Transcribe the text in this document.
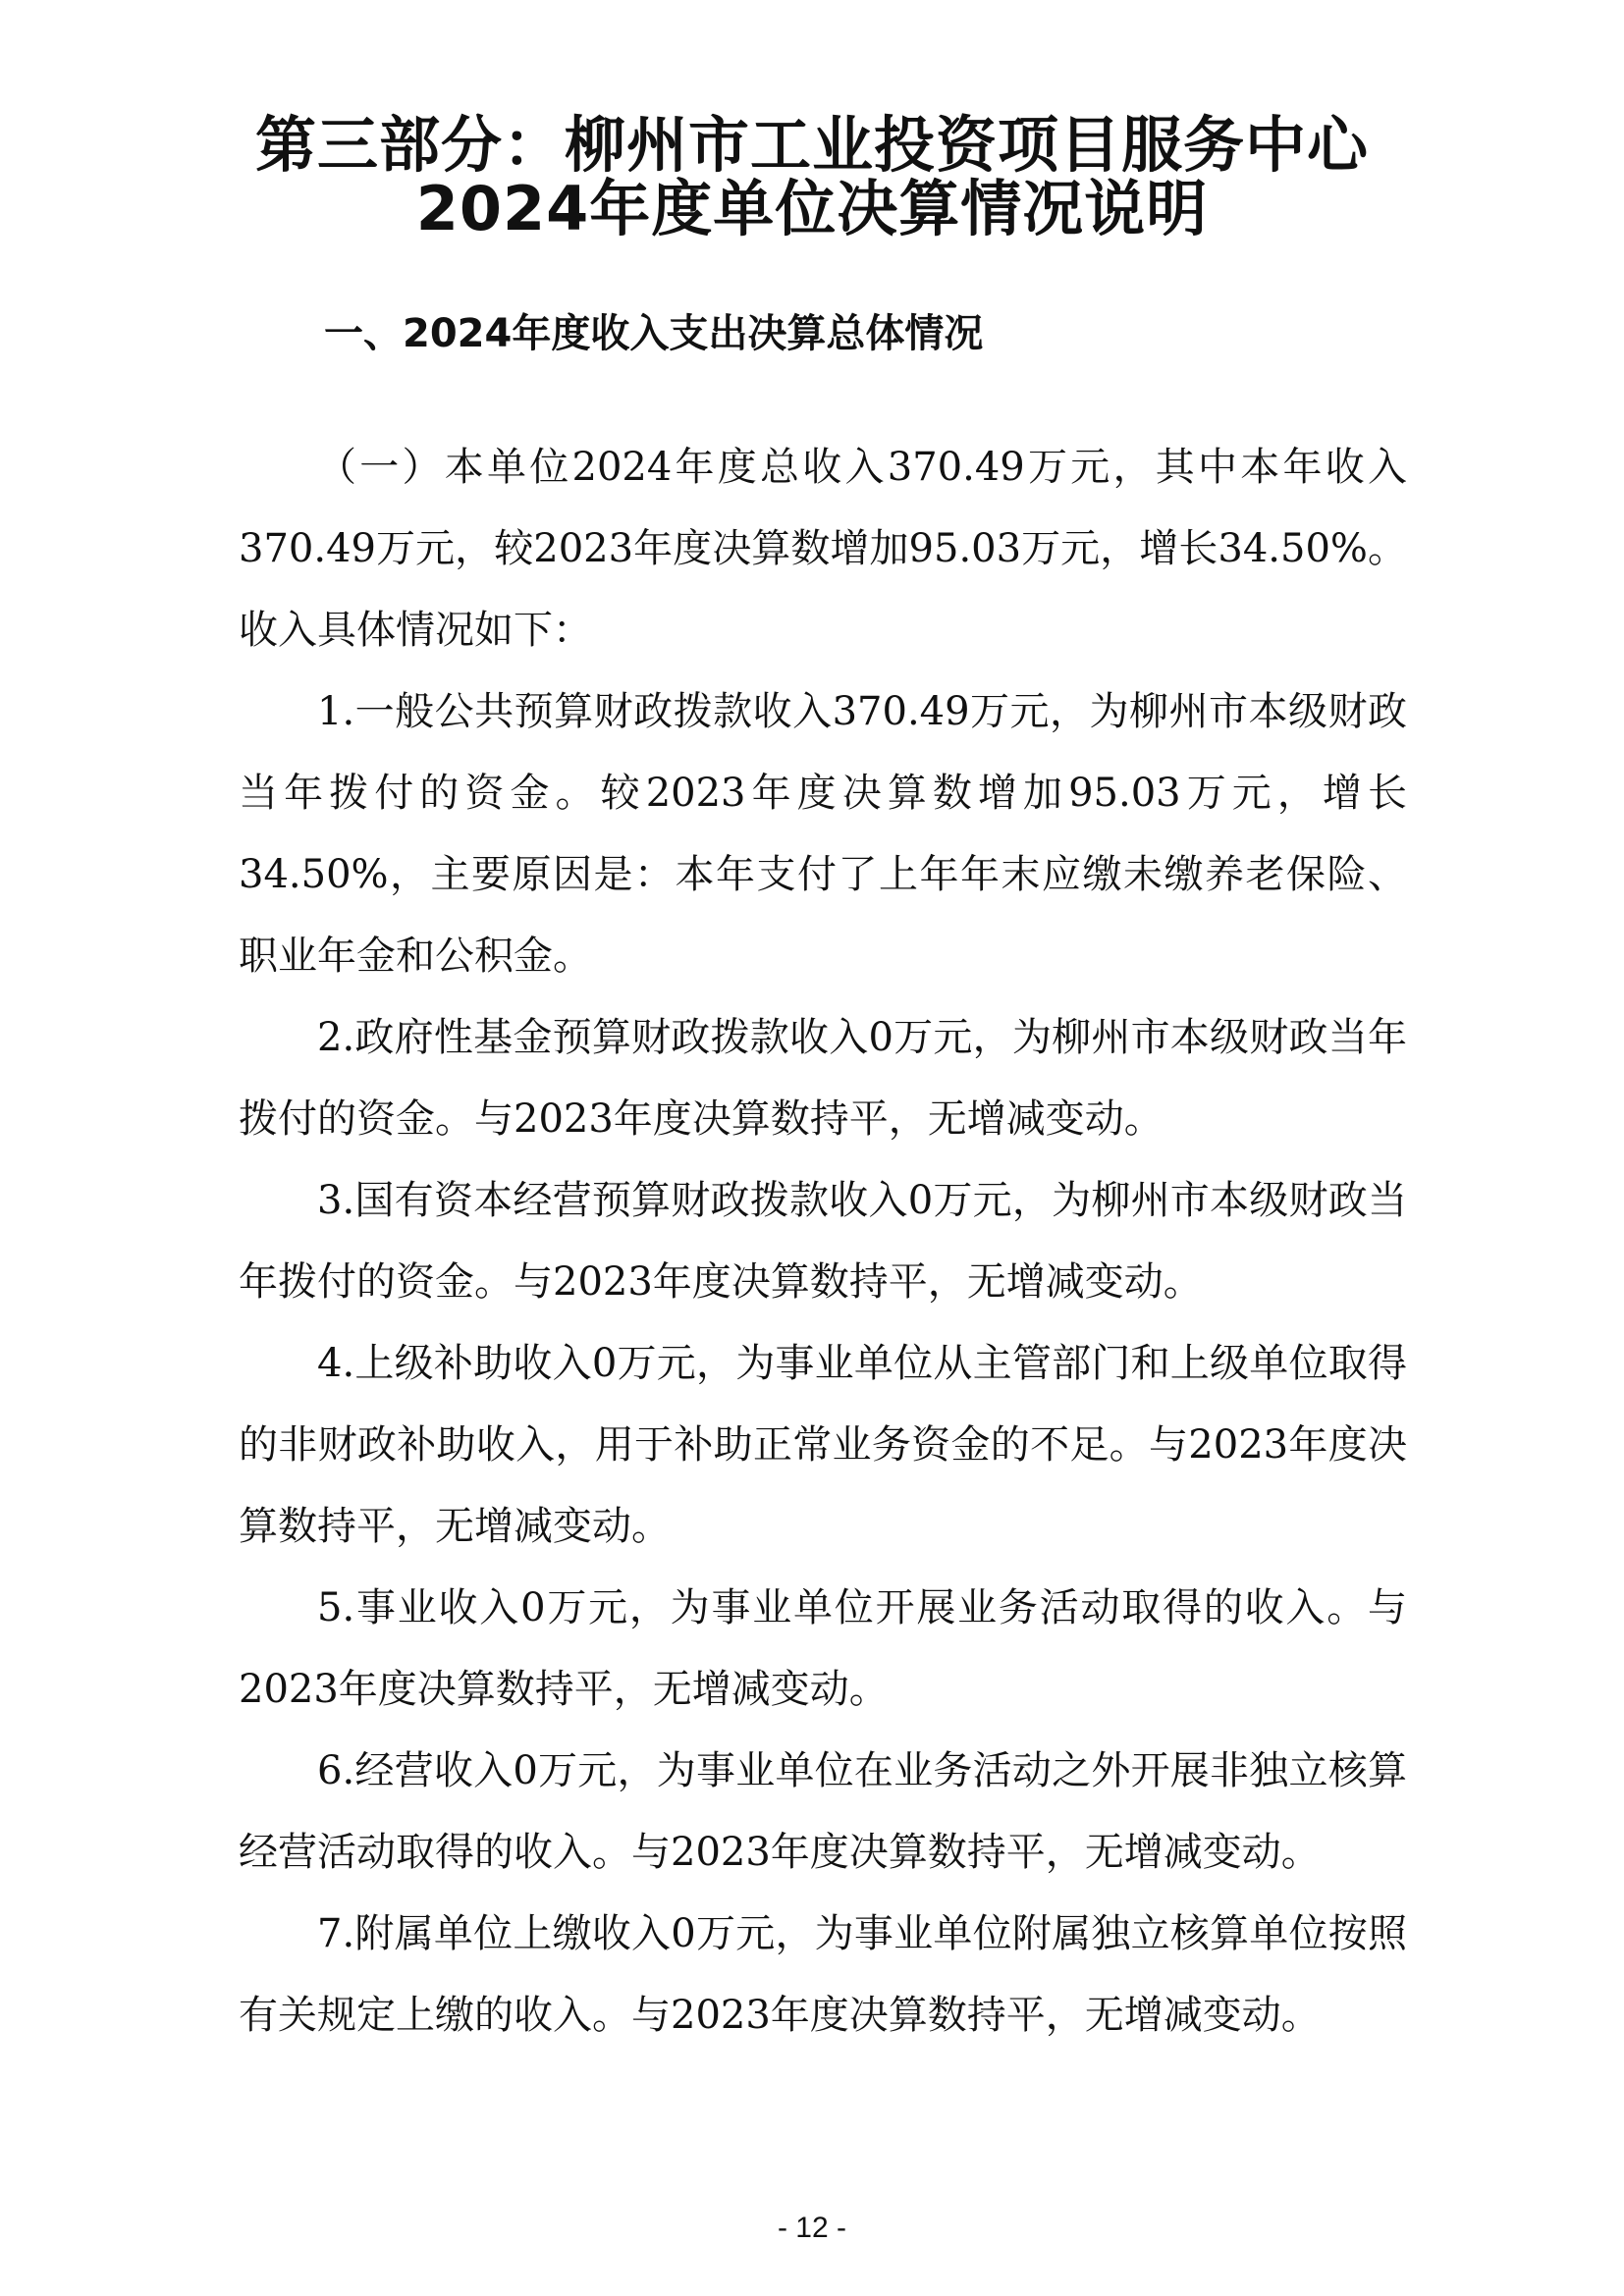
第三部分：柳州市工业投资项目服务中心
2024年度单位决算情况说明
一、2024年度收入支出决算总体情况

（一）本单位2024年度总收入370.49万元，其中本年收入370.49万元，较2023年度决算数增加95.03万元，增长34.50%。收入具体情况如下：

1.一般公共预算财政拨款收入370.49万元，为柳州市本级财政当年拨付的资金。较2023年度决算数增加95.03万元，增长34.50%，主要原因是：本年支付了上年年末应缴未缴养老保险、职业年金和公积金。

2.政府性基金预算财政拨款收入0万元，为柳州市本级财政当年拨付的资金。与2023年度决算数持平，无增减变动。

3.国有资本经营预算财政拨款收入0万元，为柳州市本级财政当年拨付的资金。与2023年度决算数持平，无增减变动。

4.上级补助收入0万元，为事业单位从主管部门和上级单位取得的非财政补助收入，用于补助正常业务资金的不足。与2023年度决算数持平，无增减变动。

5.事业收入0万元，为事业单位开展业务活动取得的收入。与2023年度决算数持平，无增减变动。

6.经营收入0万元，为事业单位在业务活动之外开展非独立核算经营活动取得的收入。与2023年度决算数持平，无增减变动。

7.附属单位上缴收入0万元，为事业单位附属独立核算单位按照有关规定上缴的收入。与2023年度决算数持平，无增减变动。

- 12 -
